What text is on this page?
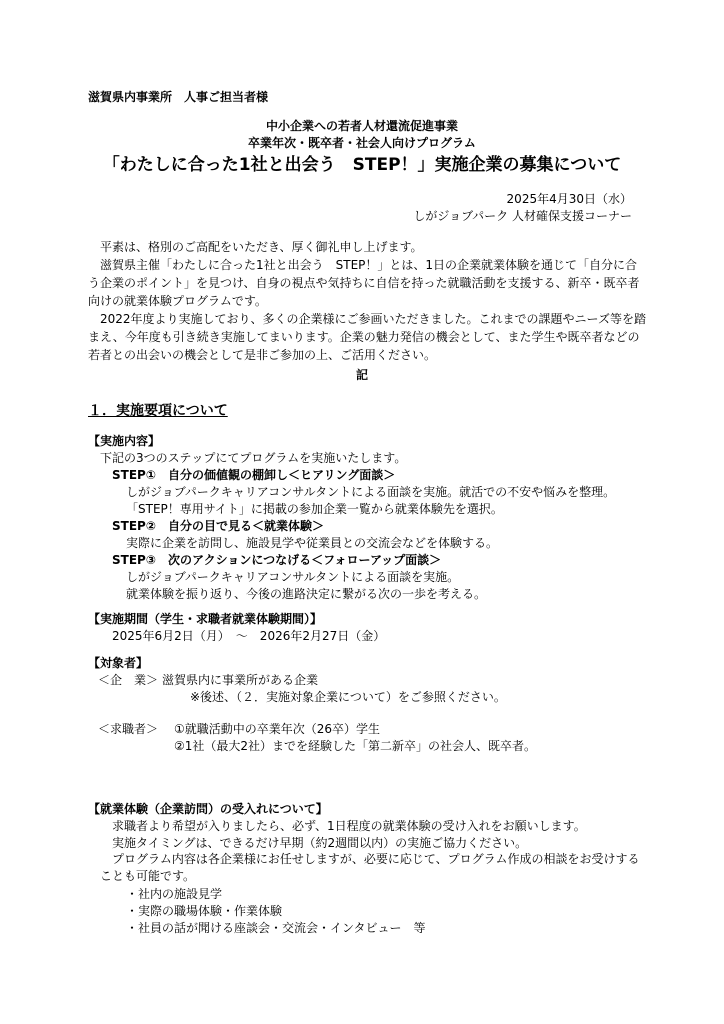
滋賀県内事業所　人事ご担当者様
中小企業への若者人材還流促進事業
卒業年次・既卒者・社会人向けプログラム
「わたしに合った1社と出会う　STEP！」実施企業の募集について
2025年4月30日（水）
しがジョブパーク 人材確保支援コーナー

平素は、格別のご高配をいただき、厚く御礼申し上げます。

滋賀県主催「わたしに合った1社と出会う　STEP！」とは、1日の企業就業体験を通じて「自分に合う企業のポイント」を見つけ、自身の視点や気持ちに自信を持った就職活動を支援する、新卒・既卒者 向けの就業体験プログラムです。

2022年度より実施しており、多くの企業様にご参画いただきました。これまでの課題やニーズ等を踏まえ、今年度も引き続き実施してまいります。企業の魅力発信の機会として、また学生や既卒者などの若者との出会いの機会として是非ご参加の上、ご活用ください。

記
１．実施要項について
【実施内容】
下記の3つのステップにてプログラムを実施いたします。
STEP①　自分の価値観の棚卸し＜ヒアリング面談＞
しがジョブパークキャリアコンサルタントによる面談を実施。就活での不安や悩みを整理。
「STEP！専用サイト」に掲載の参加企業一覧から就業体験先を選択。
STEP②　自分の目で見る＜就業体験＞
実際に企業を訪問し、施設見学や従業員との交流会などを体験する。
STEP③　次のアクションにつなげる＜フォローアップ面談＞
しがジョブパークキャリアコンサルタントによる面談を実施。
就業体験を振り返り、今後の進路決定に繋がる次の一歩を考える。
【実施期間（学生・求職者就業体験期間）】
2025年6月2日（月）　～　2026年2月27日（金）
【対象者】
＜企　業＞ 滋賀県内に事業所がある企業
※後述、（２．実施対象企業について）をご参照ください。
＜求職者＞ ①就職活動中の卒業年次（26卒）学生
②1社（最大2社）までを経験した「第二新卒」の社会人、既卒者。
【就業体験（企業訪問）の受入れについて】
求職者より希望が入りましたら、必ず、1日程度の就業体験の受け入れをお願いします。
実施タイミングは、できるだけ早期（約2週間以内）の実施ご協力ください。

プログラム内容は各企業様にお任せしますが、必要に応じて、プログラム作成の相談をお受けすることも可能です。

・社内の施設見学
・実際の職場体験・作業体験
・社員の話が聞ける座談会・交流会・インタビュー　等
